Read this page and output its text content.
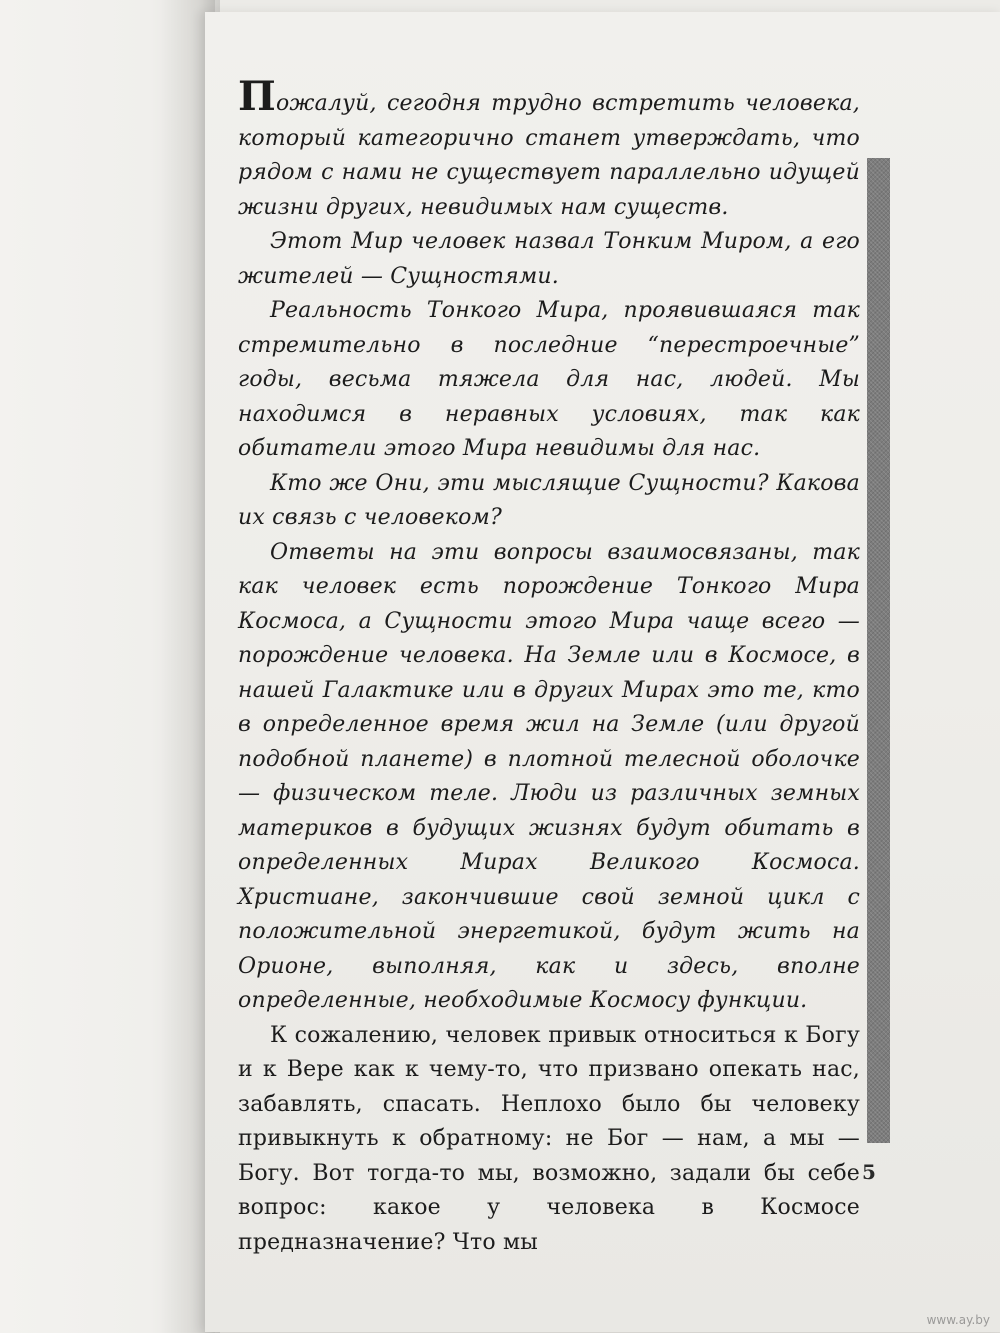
Пожалуй, сегодня трудно встретить человека, который категорично станет утверждать, что рядом с нами не существует параллельно идущей жизни других, невидимых нам существ.

Этот Мир человек назвал Тонким Миром, а его жителей — Сущностями.

Реальность Тонкого Мира, проявившаяся так стремительно в последние “перестроечные” годы, весьма тяжела для нас, людей. Мы находимся в неравных условиях, так как обитатели этого Мира невидимы для нас.

Кто же Они, эти мыслящие Сущности? Какова их связь с человеком?

Ответы на эти вопросы взаимосвязаны, так как человек есть порождение Тонкого Мира Космоса, а Сущности этого Мира чаще всего — порождение человека. На Земле или в Космосе, в нашей Галактике или в других Мирах это те, кто в определенное время жил на Земле (или другой подобной планете) в плотной телесной оболочке — физическом теле. Люди из различных земных материков в будущих жизнях будут обитать в определенных Мирах Великого Космоса. Христиане, закончившие свой земной цикл с положительной энергетикой, будут жить на Орионе, выполняя, как и здесь, вполне определенные, необходимые Космосу функции.

К сожалению, человек привык относиться к Богу и к Вере как к чему-то, что призвано опекать нас, забавлять, спасать. Неплохо было бы человеку привыкнуть к обратному: не Бог — нам, а мы — Богу. Вот тогда-то мы, возможно, задали бы себе вопрос: какое у человека в Космосе предназначение? Что мы

5
www.ay.by
